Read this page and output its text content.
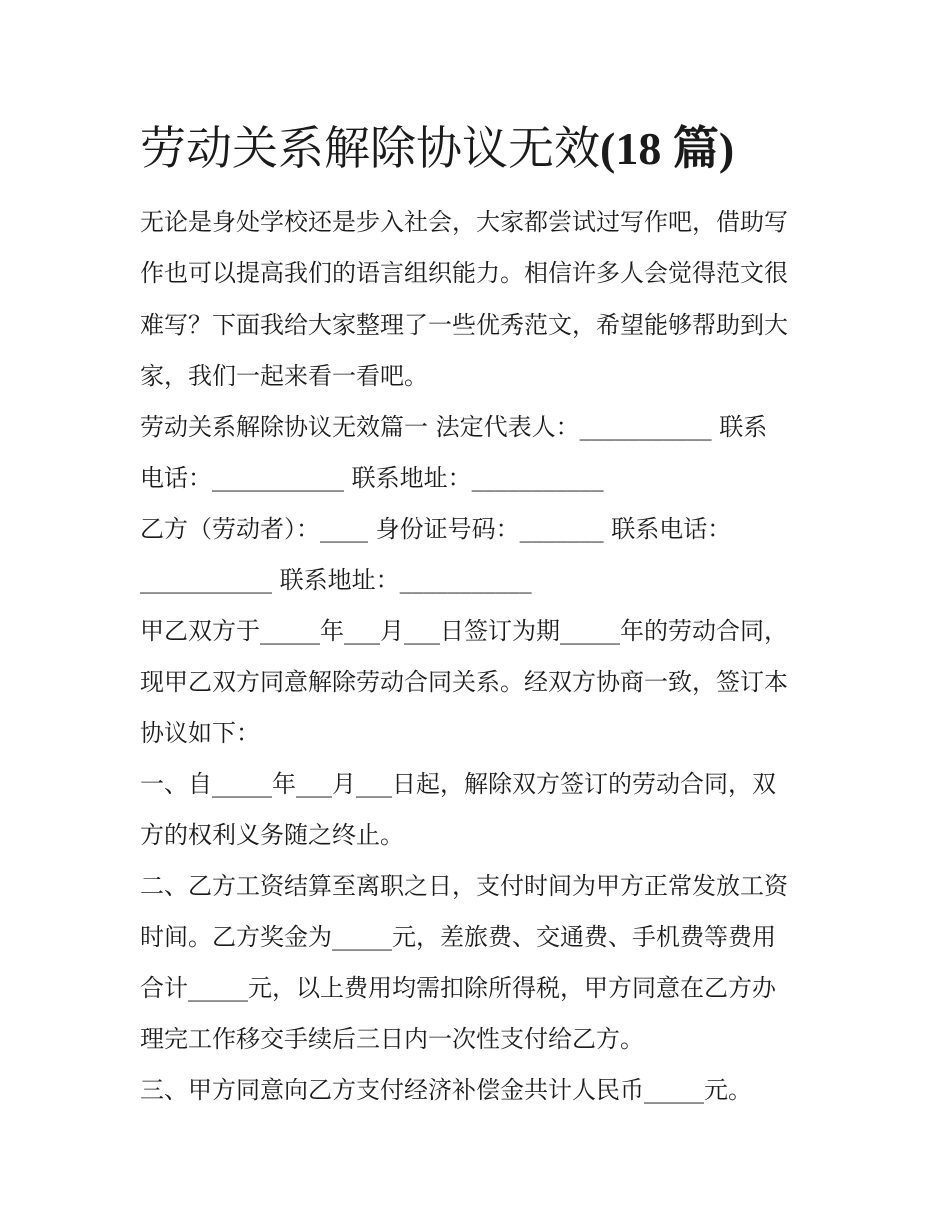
劳动关系解除协议无效(18 篇)

无论是身处学校还是步入社会，大家都尝试过写作吧，借助写

作也可以提高我们的语言组织能力。相信许多人会觉得范文很

难写？下面我给大家整理了一些优秀范文，希望能够帮助到大

家，我们一起来看一看吧。

劳动关系解除协议无效篇一 法定代表人：___________ 联系

电话：___________ 联系地址：___________

乙方（劳动者）：____ 身份证号码：_______ 联系电话：

___________ 联系地址：___________

甲乙双方于_____年___月___日签订为期_____年的劳动合同，

现甲乙双方同意解除劳动合同关系。经双方协商一致，签订本

协议如下：

一、自_____年___月___日起，解除双方签订的劳动合同，双

方的权利义务随之终止。

二、乙方工资结算至离职之日，支付时间为甲方正常发放工资

时间。乙方奖金为_____元，差旅费、交通费、手机费等费用

合计_____元，以上费用均需扣除所得税，甲方同意在乙方办

理完工作移交手续后三日内一次性支付给乙方。

三、甲方同意向乙方支付经济补偿金共计人民币_____元。
